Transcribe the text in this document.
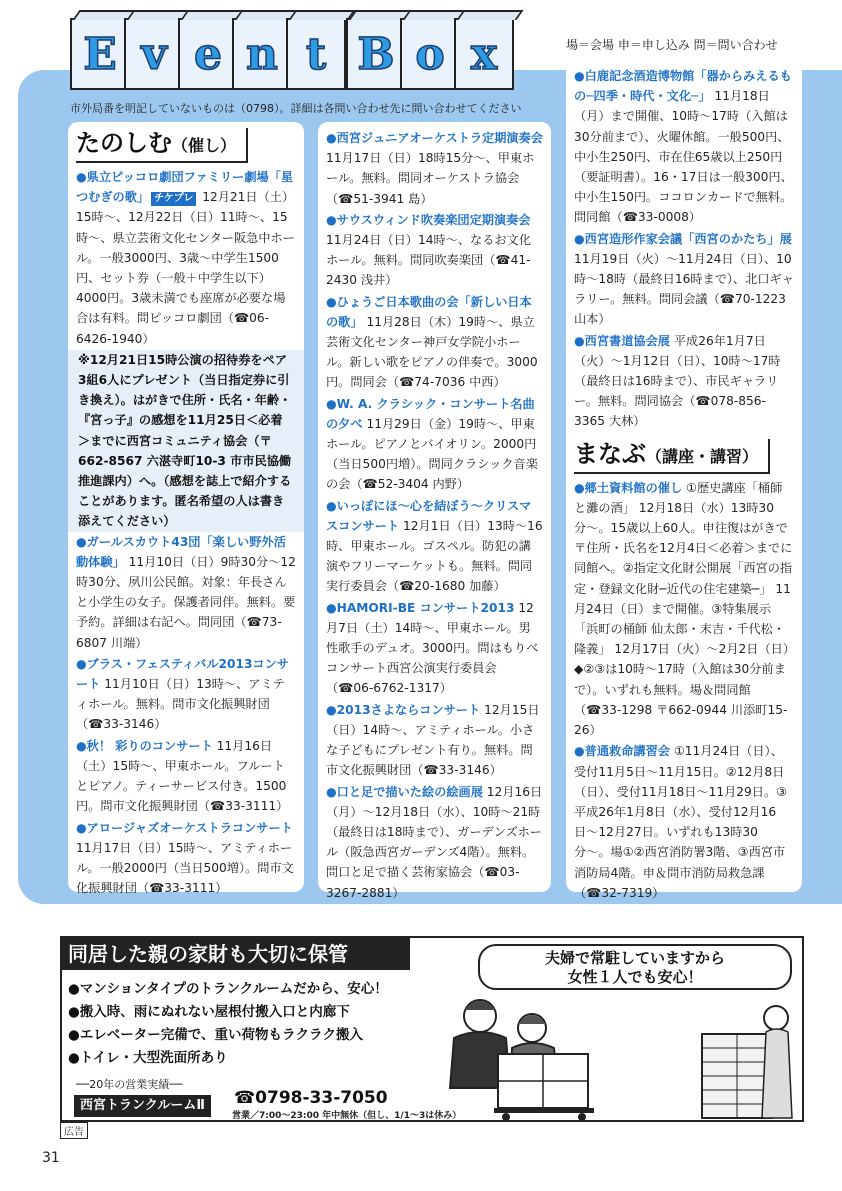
E v e n t B o x	場＝会場 申＝申し込み 問＝問い合わせ
市外局番を明記していないものは（0798）。詳細は各問い合わせ先に問い合わせてください
たのしむ（催し）
●県立ピッコロ劇団ファミリー劇場「星つむぎの歌」 チケプレ 12月21日（土）15時〜、12月22日（日）11時〜、15時〜、県立芸術文化センター阪急中ホール。一般3000円、3歳〜中学生1500円、セット券（一般＋中学生以下）4000円。3歳未満でも座席が必要な場合は有料。問ピッコロ劇団（☎06-6426-1940）
※12月21日15時公演の招待券をペア3組6人にプレゼント（当日指定券に引き換え）。はがきで住所・氏名・年齢・『宮っ子』の感想を11月25日＜必着＞までに西宮コミュニティ協会（〒662-8567 六湛寺町10-3 市市民協働推進課内）へ。（感想を誌上で紹介することがあります。匿名希望の人は書き添えてください）
●ガールスカウト43団「楽しい野外活動体験」 11月10日（日）9時30分〜12時30分、夙川公民館。対象：年長さんと小学生の女子。保護者同伴。無料。要予約。詳細は右記へ。問同団（☎73-6807 川端）
●ブラス・フェスティバル2013コンサート 11月10日（日）13時〜、アミティホール。無料。問市文化振興財団（☎33-3146）
●秋！ 彩りのコンサート 11月16日（土）15時〜、甲東ホール。フルートとピアノ。ティーサービス付き。1500円。問市文化振興財団（☎33-3111）
●アロージャズオーケストラコンサート 11月17日（日）15時〜、アミティホール。一般2000円（当日500増）。問市文化振興財団（☎33-3111）
●西宮ジュニアオーケストラ定期演奏会 11月17日（日）18時15分〜、甲東ホール。無料。問同オーケストラ協会（☎51-3941 島）
●サウスウィンド吹奏楽団定期演奏会 11月24日（日）14時〜、なるお文化ホール。無料。問同吹奏楽団（☎41-2430 浅井）
●ひょうご日本歌曲の会「新しい日本の歌」 11月28日（木）19時〜、県立芸術文化センター神戸女学院小ホール。新しい歌をピアノの伴奏で。3000円。問同会（☎74-7036 中西）
●W. A. クラシック・コンサート名曲の夕べ 11月29日（金）19時〜、甲東ホール。ピアノとバイオリン。2000円（当日500円増）。問同クラシック音楽の会（☎52-3404 内野）
●いっぽにほ〜心を結ぼう〜クリスマスコンサート 12月1日（日）13時〜16時、甲東ホール。ゴスペル。防犯の講演やフリーマーケットも。無料。問同実行委員会（☎20-1680 加藤）
●HAMORI-BE コンサート2013 12月7日（土）14時〜、甲東ホール。男性歌手のデュオ。3000円。問はもりべコンサート西宮公演実行委員会（☎06-6762-1317）
●2013さよならコンサート 12月15日（日）14時〜、アミティホール。小さな子どもにプレゼント有り。無料。問市文化振興財団（☎33-3146）
●口と足で描いた絵の絵画展 12月16日（月）〜12月18日（水）、10時〜21時（最終日は18時まで）、ガーデンズホール（阪急西宮ガーデンズ4階）。無料。問口と足で描く芸術家協会（☎03-3267-2881）
●白鹿記念酒造博物館「器からみえるもの─四季・時代・文化─」 11月18日（月）まで開催、10時〜17時（入館は30分前まで）、火曜休館。一般500円、中小生250円、市在住65歳以上250円（要証明書）。16・17日は一般300円、中小生150円。ココロンカードで無料。問同館（☎33-0008）
●西宮造形作家会議「西宮のかたち」展 11月19日（火）〜11月24日（日）、10時〜18時（最終日16時まで）、北口ギャラリー。無料。問同会議（☎70-1223 山本）
●西宮書道協会展 平成26年1月7日（火）〜1月12日（日）、10時〜17時（最終日は16時まで）、市民ギャラリー。無料。問同協会（☎078-856-3365 大林）
まなぶ（講座・講習）
●郷土資料館の催し ①歴史講座「桶師と灘の酒」 12月18日（水）13時30分〜。15歳以上60人。申往復はがきで〒住所・氏名を12月4日＜必着＞までに同館へ。②指定文化財公開展「西宮の指定・登録文化財─近代の住宅建築─」 11月24日（日）まで開催。③特集展示「浜町の桶師 仙太郎・末吉・千代松・隆義」 12月17日（火）〜2月2日（日）◆②③は10時〜17時（入館は30分前まで）。いずれも無料。場＆問同館（☎33-1298 〒662-0944 川添町15-26）
●普通救命講習会 ①11月24日（日）、受付11月5日〜11月15日。②12月8日（日）、受付11月18日〜11月29日。③平成26年1月8日（水）、受付12月16日〜12月27日。いずれも13時30分〜。場①②西宮消防署3階、③西宮市消防局4階。申＆問市消防局救急課（☎32-7319）
同居した親の家財も大切に保管
●マンションタイプのトランクルームだから、安心！
●搬入時、雨にぬれない屋根付搬入口と内廊下
●エレベーター完備で、重い荷物もラクラク搬入
●トイレ・大型洗面所あり
──20年の営業実績──
西宮トランクルームⅡ	☎0798-33-7050
営業／7:00〜23:00 年中無休（但し、1/1〜3は休み）
夫婦で常駐していますから
女性１人でも安心！
広告
31
